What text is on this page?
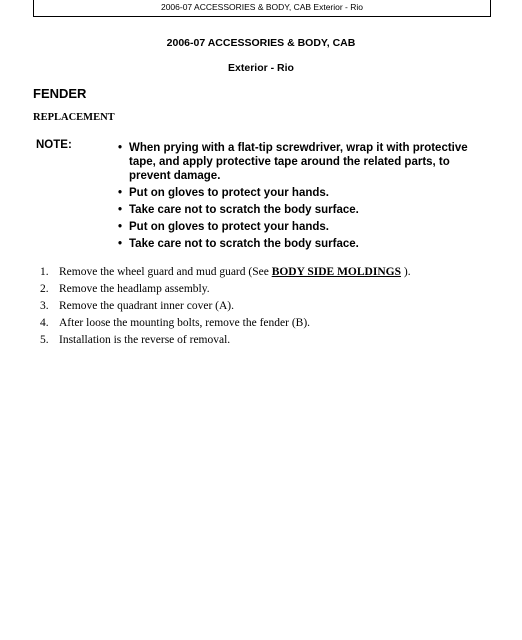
2006-07 ACCESSORIES & BODY, CAB Exterior - Rio
2006-07 ACCESSORIES & BODY, CAB
Exterior - Rio
FENDER
REPLACEMENT
NOTE:	• When prying with a flat-tip screwdriver, wrap it with protective tape, and apply protective tape around the related parts, to prevent damage.
• Put on gloves to protect your hands.
• Take care not to scratch the body surface.
• Put on gloves to protect your hands.
• Take care not to scratch the body surface.
1. Remove the wheel guard and mud guard (See BODY SIDE MOLDINGS ).
2. Remove the headlamp assembly.
3. Remove the quadrant inner cover (A).
4. After loose the mounting bolts, remove the fender (B).
5. Installation is the reverse of removal.
